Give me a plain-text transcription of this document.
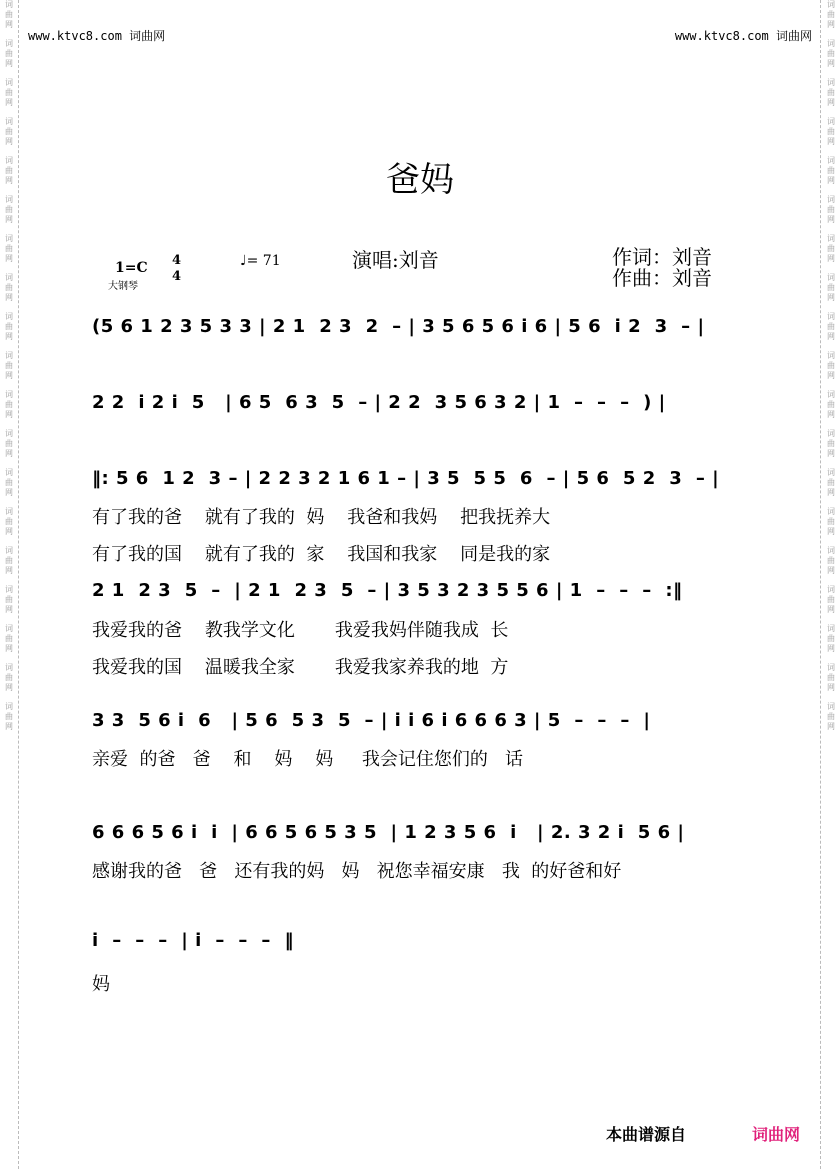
词
曲
网
词
曲
网
词
曲
网
词
曲
网
词
曲
网
词
曲
网
词
曲
网
词
曲
网
词
曲
网
词
曲
网
词
曲
网
词
曲
网
词
曲
网
词
曲
网
词
曲
网
词
曲
网
词
曲
网
词
曲
网
词
曲
网
词
曲
网
词
曲
网
词
曲
网
词
曲
网
词
曲
网
词
曲
网
词
曲
网
词
曲
网
词
曲
网
词
曲
网
词
曲
网
词
曲
网
词
曲
网
词
曲
网
词
曲
网
词
曲
网
词
曲
网
词
曲
网
词
曲
网
www.ktvc8.com 词曲网	www.ktvc8.com 词曲网
爸妈
1=C 4
4
大钢琴
♩= 71	演唱:刘音	作词：刘音
作曲：刘音
(5 6 1 2 3 5 3 3 | 2 1  2 3  2  – | 3 5 6 5 6 i 6 | 5 6  i 2  3  – |
2 2  i 2 i  5   | 6 5  6 3  5  – | 2 2  3 5 6 3 2 | 1  –  –  –  ) |
‖: 5 6  1 2  3 – | 2 2 3 2 1 6 1 – | 3 5  5 5  6  – | 5 6  5 2  3  – |
有了我的爸    就有了我的  妈    我爸和我妈    把我抚养大
有了我的国    就有了我的  家    我国和我家    同是我的家
2 1  2 3  5  –  | 2 1  2 3  5  – | 3 5 3 2 3 5 5 6 | 1  –  –  –  :‖
我爱我的爸    教我学文化       我爱我妈伴随我成  长
我爱我的国    温暖我全家       我爱我家养我的地  方
3 3  5 6 i  6   | 5 6  5 3  5  – | i i 6 i 6 6 6 3 | 5  –  –  –  |
亲爱  的爸   爸    和    妈    妈     我会记住您们的   话
6 6 6 5 6 i  i  | 6 6 5 6 5 3 5  | 1 2 3 5 6  i   | 2. 3 2 i  5 6 |
感谢我的爸   爸   还有我的妈   妈   祝您幸福安康   我  的好爸和好
i  –  –  –  | i  –  –  –  ‖
妈
本曲谱源自	词曲网
